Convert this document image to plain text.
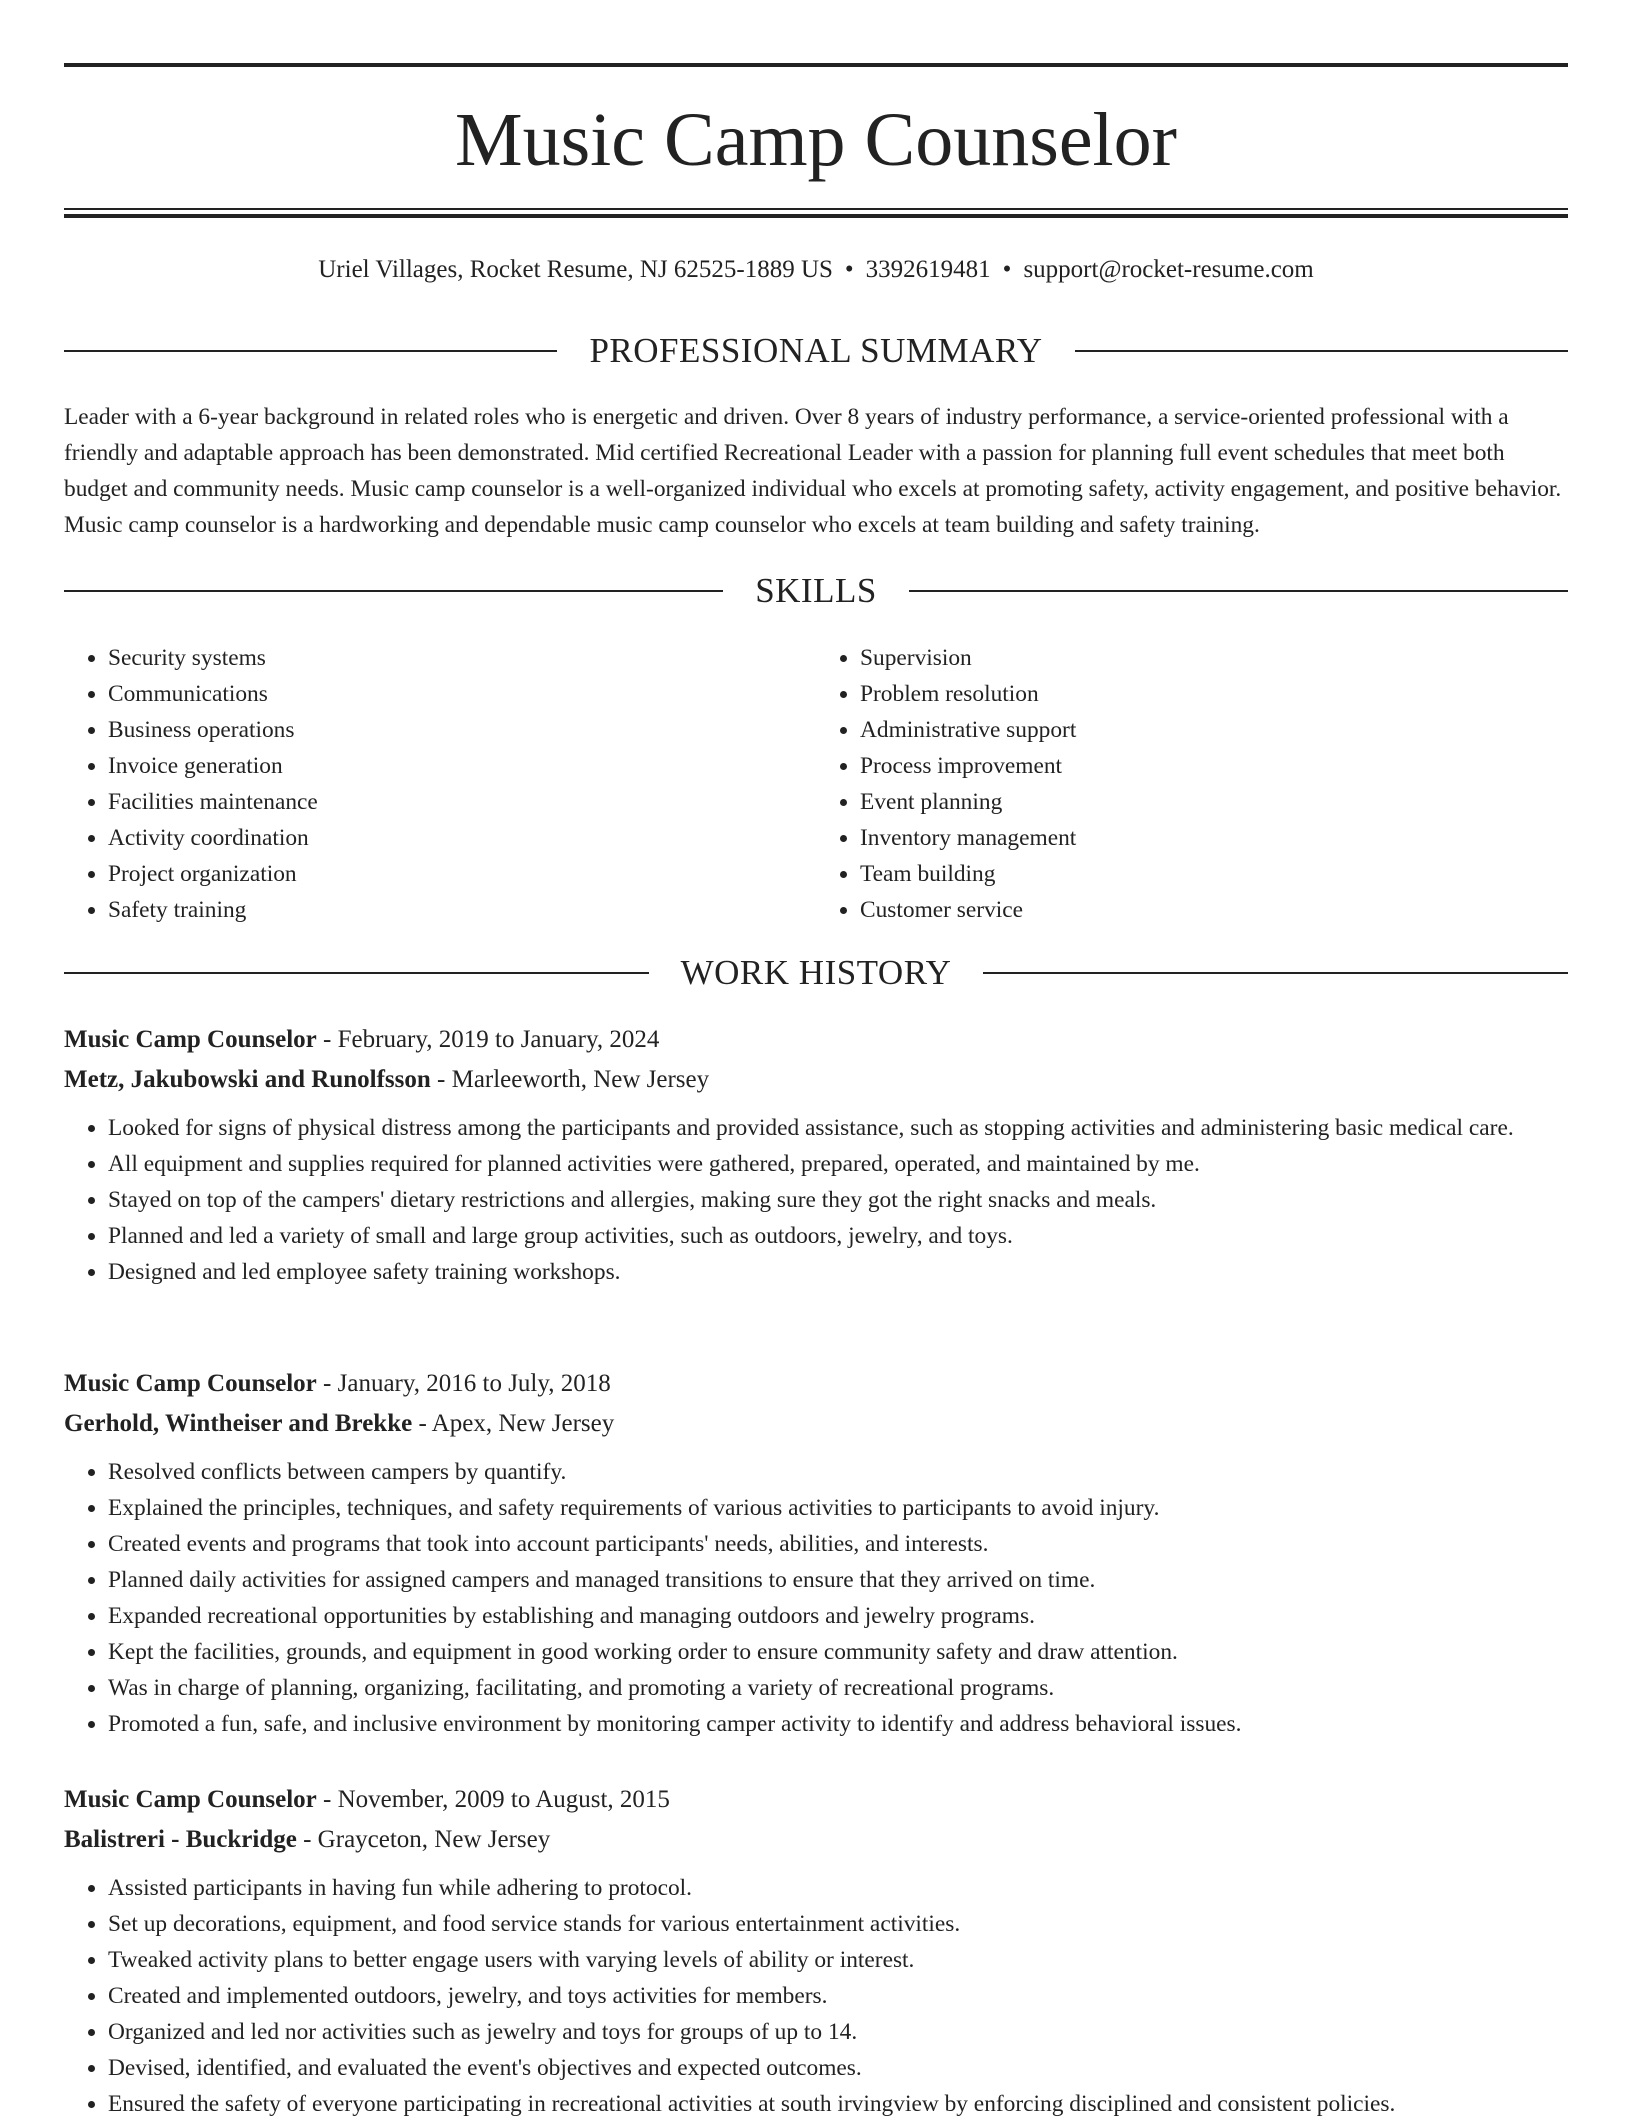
Music Camp Counselor
Uriel Villages, Rocket Resume, NJ 62525-1889 US • 3392619481 • support@rocket-resume.com
PROFESSIONAL SUMMARY

Leader with a 6-year background in related roles who is energetic and driven. Over 8 years of industry performance, a service-oriented professional with a friendly and adaptable approach has been demonstrated. Mid certified Recreational Leader with a passion for planning full event schedules that meet both budget and community needs. Music camp counselor is a well-organized individual who excels at promoting safety, activity engagement, and positive behavior. Music camp counselor is a hardworking and dependable music camp counselor who excels at team building and safety training.

SKILLS
• Security systems
• Communications
• Business operations
• Invoice generation
• Facilities maintenance
• Activity coordination
• Project organization
• Safety training
• Supervision
• Problem resolution
• Administrative support
• Process improvement
• Event planning
• Inventory management
• Team building
• Customer service
WORK HISTORY
Music Camp Counselor - February, 2019 to January, 2024
Metz, Jakubowski and Runolfsson - Marleeworth, New Jersey
• Looked for signs of physical distress among the participants and provided assistance, such as stopping activities and administering basic medical care.
• All equipment and supplies required for planned activities were gathered, prepared, operated, and maintained by me.
• Stayed on top of the campers' dietary restrictions and allergies, making sure they got the right snacks and meals.
• Planned and led a variety of small and large group activities, such as outdoors, jewelry, and toys.
• Designed and led employee safety training workshops.
Music Camp Counselor - January, 2016 to July, 2018
Gerhold, Wintheiser and Brekke - Apex, New Jersey
• Resolved conflicts between campers by quantify.
• Explained the principles, techniques, and safety requirements of various activities to participants to avoid injury.
• Created events and programs that took into account participants' needs, abilities, and interests.
• Planned daily activities for assigned campers and managed transitions to ensure that they arrived on time.
• Expanded recreational opportunities by establishing and managing outdoors and jewelry programs.
• Kept the facilities, grounds, and equipment in good working order to ensure community safety and draw attention.
• Was in charge of planning, organizing, facilitating, and promoting a variety of recreational programs.
• Promoted a fun, safe, and inclusive environment by monitoring camper activity to identify and address behavioral issues.
Music Camp Counselor - November, 2009 to August, 2015
Balistreri - Buckridge - Grayceton, New Jersey
• Assisted participants in having fun while adhering to protocol.
• Set up decorations, equipment, and food service stands for various entertainment activities.
• Tweaked activity plans to better engage users with varying levels of ability or interest.
• Created and implemented outdoors, jewelry, and toys activities for members.
• Organized and led nor activities such as jewelry and toys for groups of up to 14.
• Devised, identified, and evaluated the event's objectives and expected outcomes.
• Ensured the safety of everyone participating in recreational activities at south irvingview by enforcing disciplined and consistent policies.
